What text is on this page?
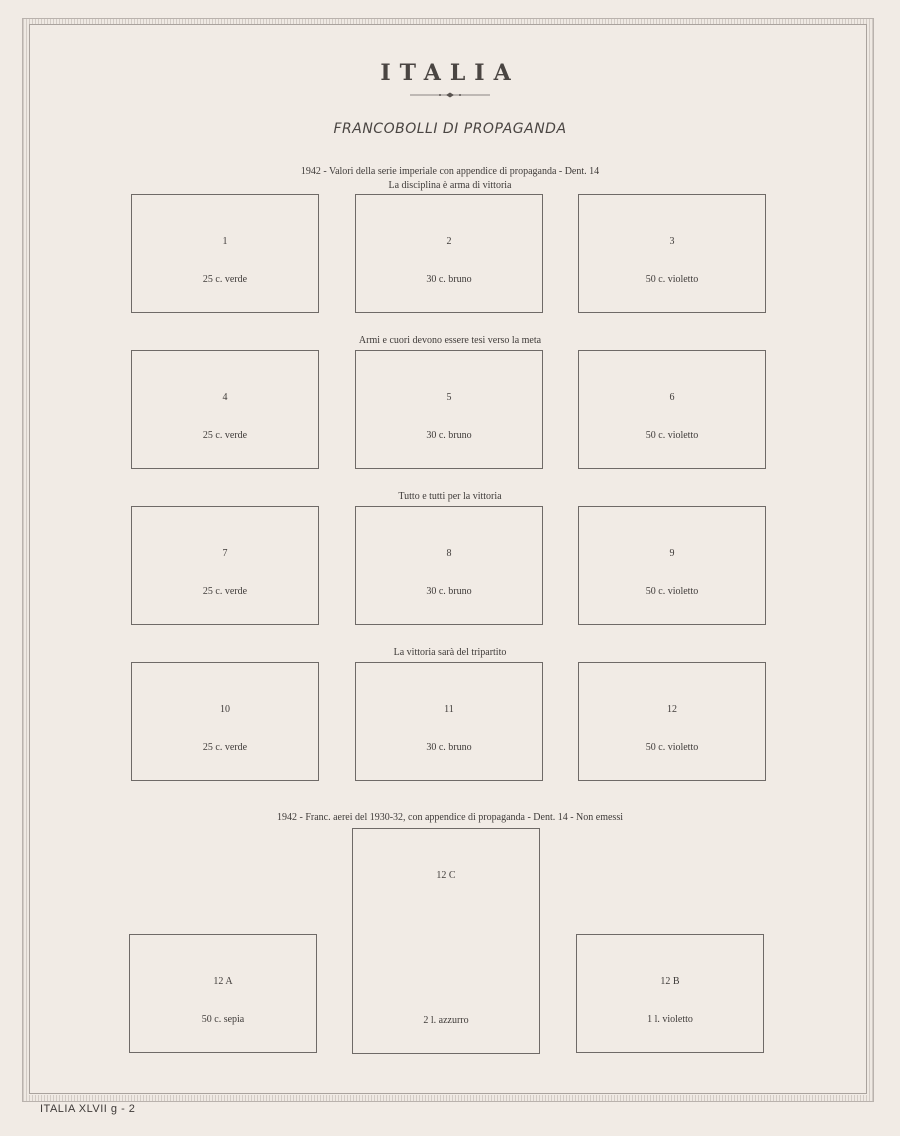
ITALIA
FRANCOBOLLI DI PROPAGANDA
1942 - Valori della serie imperiale con appendice di propaganda - Dent. 14
La disciplina è arma di vittoria
1
25 c. verde
2
30 c. bruno
3
50 c. violetto
Armi e cuori devono essere tesi verso la meta
4
25 c. verde
5
30 c. bruno
6
50 c. violetto
Tutto e tutti per la vittoria
7
25 c. verde
8
30 c. bruno
9
50 c. violetto
La vittoria sarà del tripartito
10
25 c. verde
11
30 c. bruno
12
50 c. violetto
1942 - Franc. aerei del 1930-32, con appendice di propaganda - Dent. 14 - Non emessi
12 A
50 c. sepia
12 C
2 l. azzurro
12 B
1 l. violetto
ITALIA XLVII g - 2
